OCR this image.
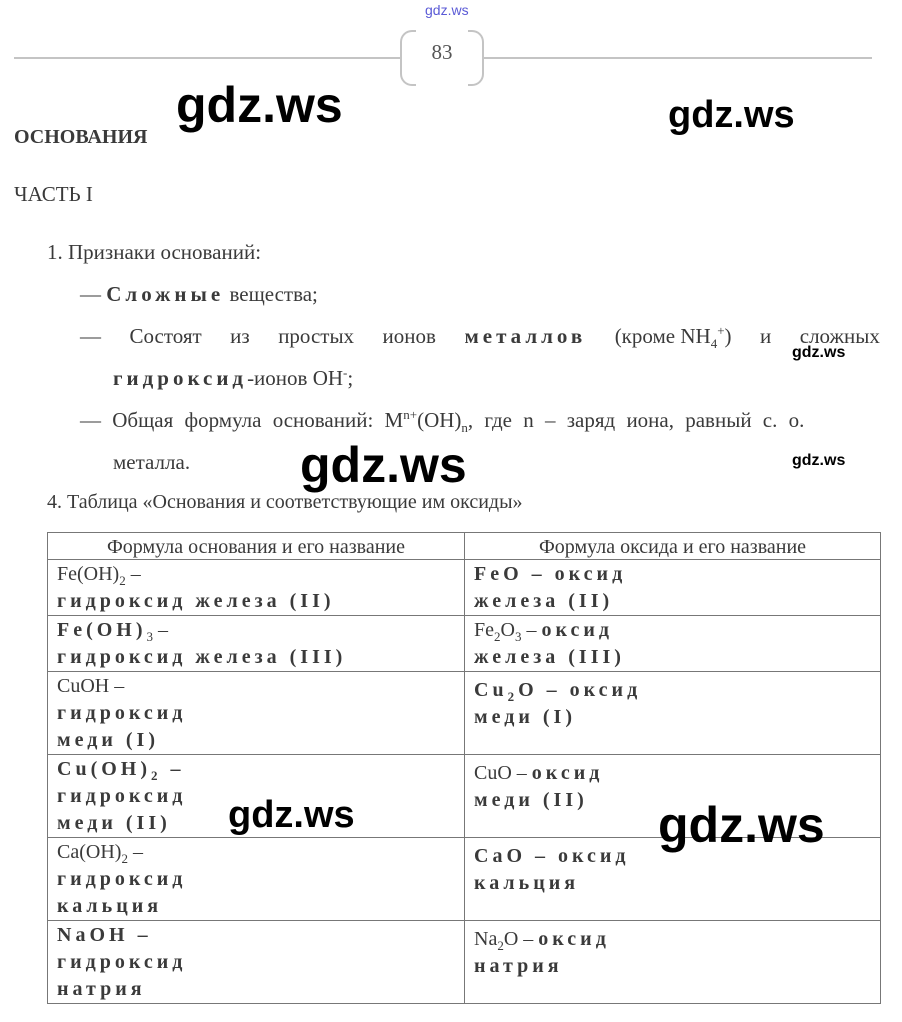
gdz.ws
83
gdz.ws	gdz.ws
gdz.ws
gdz.ws	gdz.ws
ОСНОВАНИЯ
ЧАСТЬ I
1. Признаки оснований:
— Сложные вещества;
— Состоят из простых ионов металлов (кроме $NH_4^+$) и сложных
гидроксид-ионов OH-;
— Общая формула оснований: $M^{n+}(OH)_n$, где n – заряд иона, равный с. о.
металла.
4. Таблица «Основания и соответствующие им оксиды»
Формула основания и его название	Формула оксида и его название
$Fe(OH)_2$ –
гидроксид железа (II)	FeO – оксид
железа (II)
$Fe(OH)_3$ –
гидроксид железа (III)	$Fe_2O_3$ – оксид
железа (III)
CuOH –
гидроксид
меди (I)	$Cu_2O$ – оксид
меди (I)
$Cu(OH)_2$ –
гидроксид
меди (II)	CuO – оксид
меди (II)
$Ca(OH)_2$ –
гидроксид
кальция	CaO – оксид
кальция
NaOH –
гидроксид
натрия	$Na_2O$ – оксид
натрия
gdz.ws	gdz.ws
